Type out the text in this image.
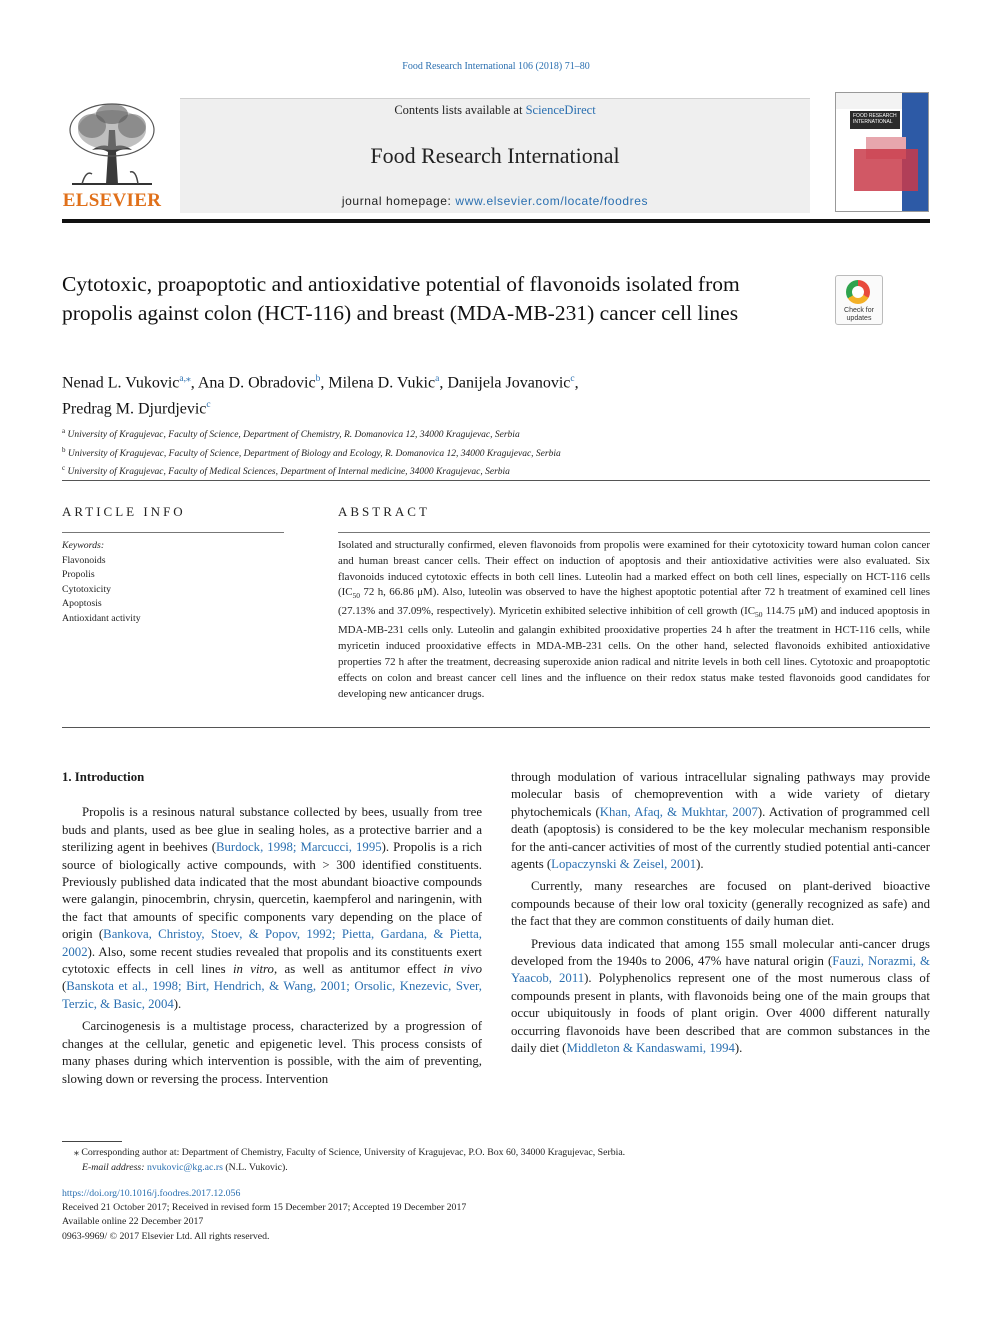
Food Research International 106 (2018) 71–80
ELSEVIER
Contents lists available at ScienceDirect
Food Research International
journal homepage: www.elsevier.com/locate/foodres
FOOD RESEARCH INTERNATIONAL
Cytotoxic, proapoptotic and antioxidative potential of flavonoids isolated from propolis against colon (HCT-116) and breast (MDA-MB-231) cancer cell lines	Check for updates
Nenad L. Vukovic$^{a,⁎}$, Ana D. Obradovic$^b$, Milena D. Vukic$^a$, Danijela Jovanovic$^c$,
Predrag M. Djurdjevic$^c$
$^a$ University of Kragujevac, Faculty of Science, Department of Chemistry, R. Domanovica 12, 34000 Kragujevac, Serbia
$^b$ University of Kragujevac, Faculty of Science, Department of Biology and Ecology, R. Domanovica 12, 34000 Kragujevac, Serbia
$^c$ University of Kragujevac, Faculty of Medical Sciences, Department of Internal medicine, 34000 Kragujevac, Serbia
ARTICLE INFO	ABSTRACT
Keywords:
Flavonoids
Propolis
Cytotoxicity
Apoptosis
Antioxidant activity
Isolated and structurally confirmed, eleven flavonoids from propolis were examined for their cytotoxicity toward human colon cancer and human breast cancer cells. Their effect on induction of apoptosis and their antioxidative activities were also evaluated. Six flavonoids induced cytotoxic effects in both cell lines. Luteolin had a marked effect on both cell lines, especially on HCT-116 cells ($IC_{50}$ 72 h, 66.86 μM). Also, luteolin was observed to have the highest apoptotic potential after 72 h treatment of examined cell lines (27.13% and 37.09%, respectively). Myricetin exhibited selective inhibition of cell growth ($IC_{50}$ 114.75 μM) and induced apoptosis in MDA-MB-231 cells only. Luteolin and galangin exhibited prooxidative properties 24 h after the treatment in HCT-116 cells, while myricetin induced prooxidative effects in MDA-MB-231 cells. On the other hand, selected flavonoids exhibited antioxidative properties 72 h after the treatment, decreasing superoxide anion radical and nitrite levels in both cell lines. Cytotoxic and proapoptotic effects on colon and breast cancer cell lines and the influence on their redox status make tested flavonoids good candidates for developing new anticancer drugs.
1. Introduction

Propolis is a resinous natural substance collected by bees, usually from tree buds and plants, used as bee glue in sealing holes, as a protective barrier and a sterilizing agent in beehives (Burdock, 1998; Marcucci, 1995). Propolis is a rich source of biologically active compounds, with > 300 identified constituents. Previously published data indicated that the most abundant bioactive compounds were galangin, pinocembrin, chrysin, quercetin, kaempferol and naringenin, with the fact that amounts of specific components vary depending on the place of origin (Bankova, Christoy, Stoev, & Popov, 1992; Pietta, Gardana, & Pietta, 2002). Also, some recent studies revealed that propolis and its constituents exert cytotoxic effects in cell lines in vitro, as well as antitumor effect in vivo (Banskota et al., 1998; Birt, Hendrich, & Wang, 2001; Orsolic, Knezevic, Sver, Terzic, & Basic, 2004).

Carcinogenesis is a multistage process, characterized by a progression of changes at the cellular, genetic and epigenetic level. This process consists of many phases during which intervention is possible, with the aim of preventing, slowing down or reversing the process. Intervention

through modulation of various intracellular signaling pathways may provide molecular basis of chemoprevention with a wide variety of dietary phytochemicals (Khan, Afaq, & Mukhtar, 2007). Activation of programmed cell death (apoptosis) is considered to be the key molecular mechanism responsible for the anti-cancer activities of most of the currently studied potential anti-cancer agents (Lopaczynski & Zeisel, 2001).

Currently, many researches are focused on plant-derived bioactive compounds because of their low oral toxicity (generally recognized as safe) and the fact that they are common constituents of daily human diet.

Previous data indicated that among 155 small molecular anti-cancer drugs developed from the 1940s to 2006, 47% have natural origin (Fauzi, Norazmi, & Yaacob, 2011). Polyphenolics represent one of the most numerous class of compounds present in plants, with flavonoids being one of the main groups that occur ubiquitously in foods of plant origin. Over 4000 different naturally occurring flavonoids have been described that are common substances in the daily diet (Middleton & Kandaswami, 1994).

⁎ Corresponding author at: Department of Chemistry, Faculty of Science, University of Kragujevac, P.O. Box 60, 34000 Kragujevac, Serbia.
E-mail address: nvukovic@kg.ac.rs (N.L. Vukovic).
https://doi.org/10.1016/j.foodres.2017.12.056
Received 21 October 2017; Received in revised form 15 December 2017; Accepted 19 December 2017
Available online 22 December 2017
0963-9969/ © 2017 Elsevier Ltd. All rights reserved.
